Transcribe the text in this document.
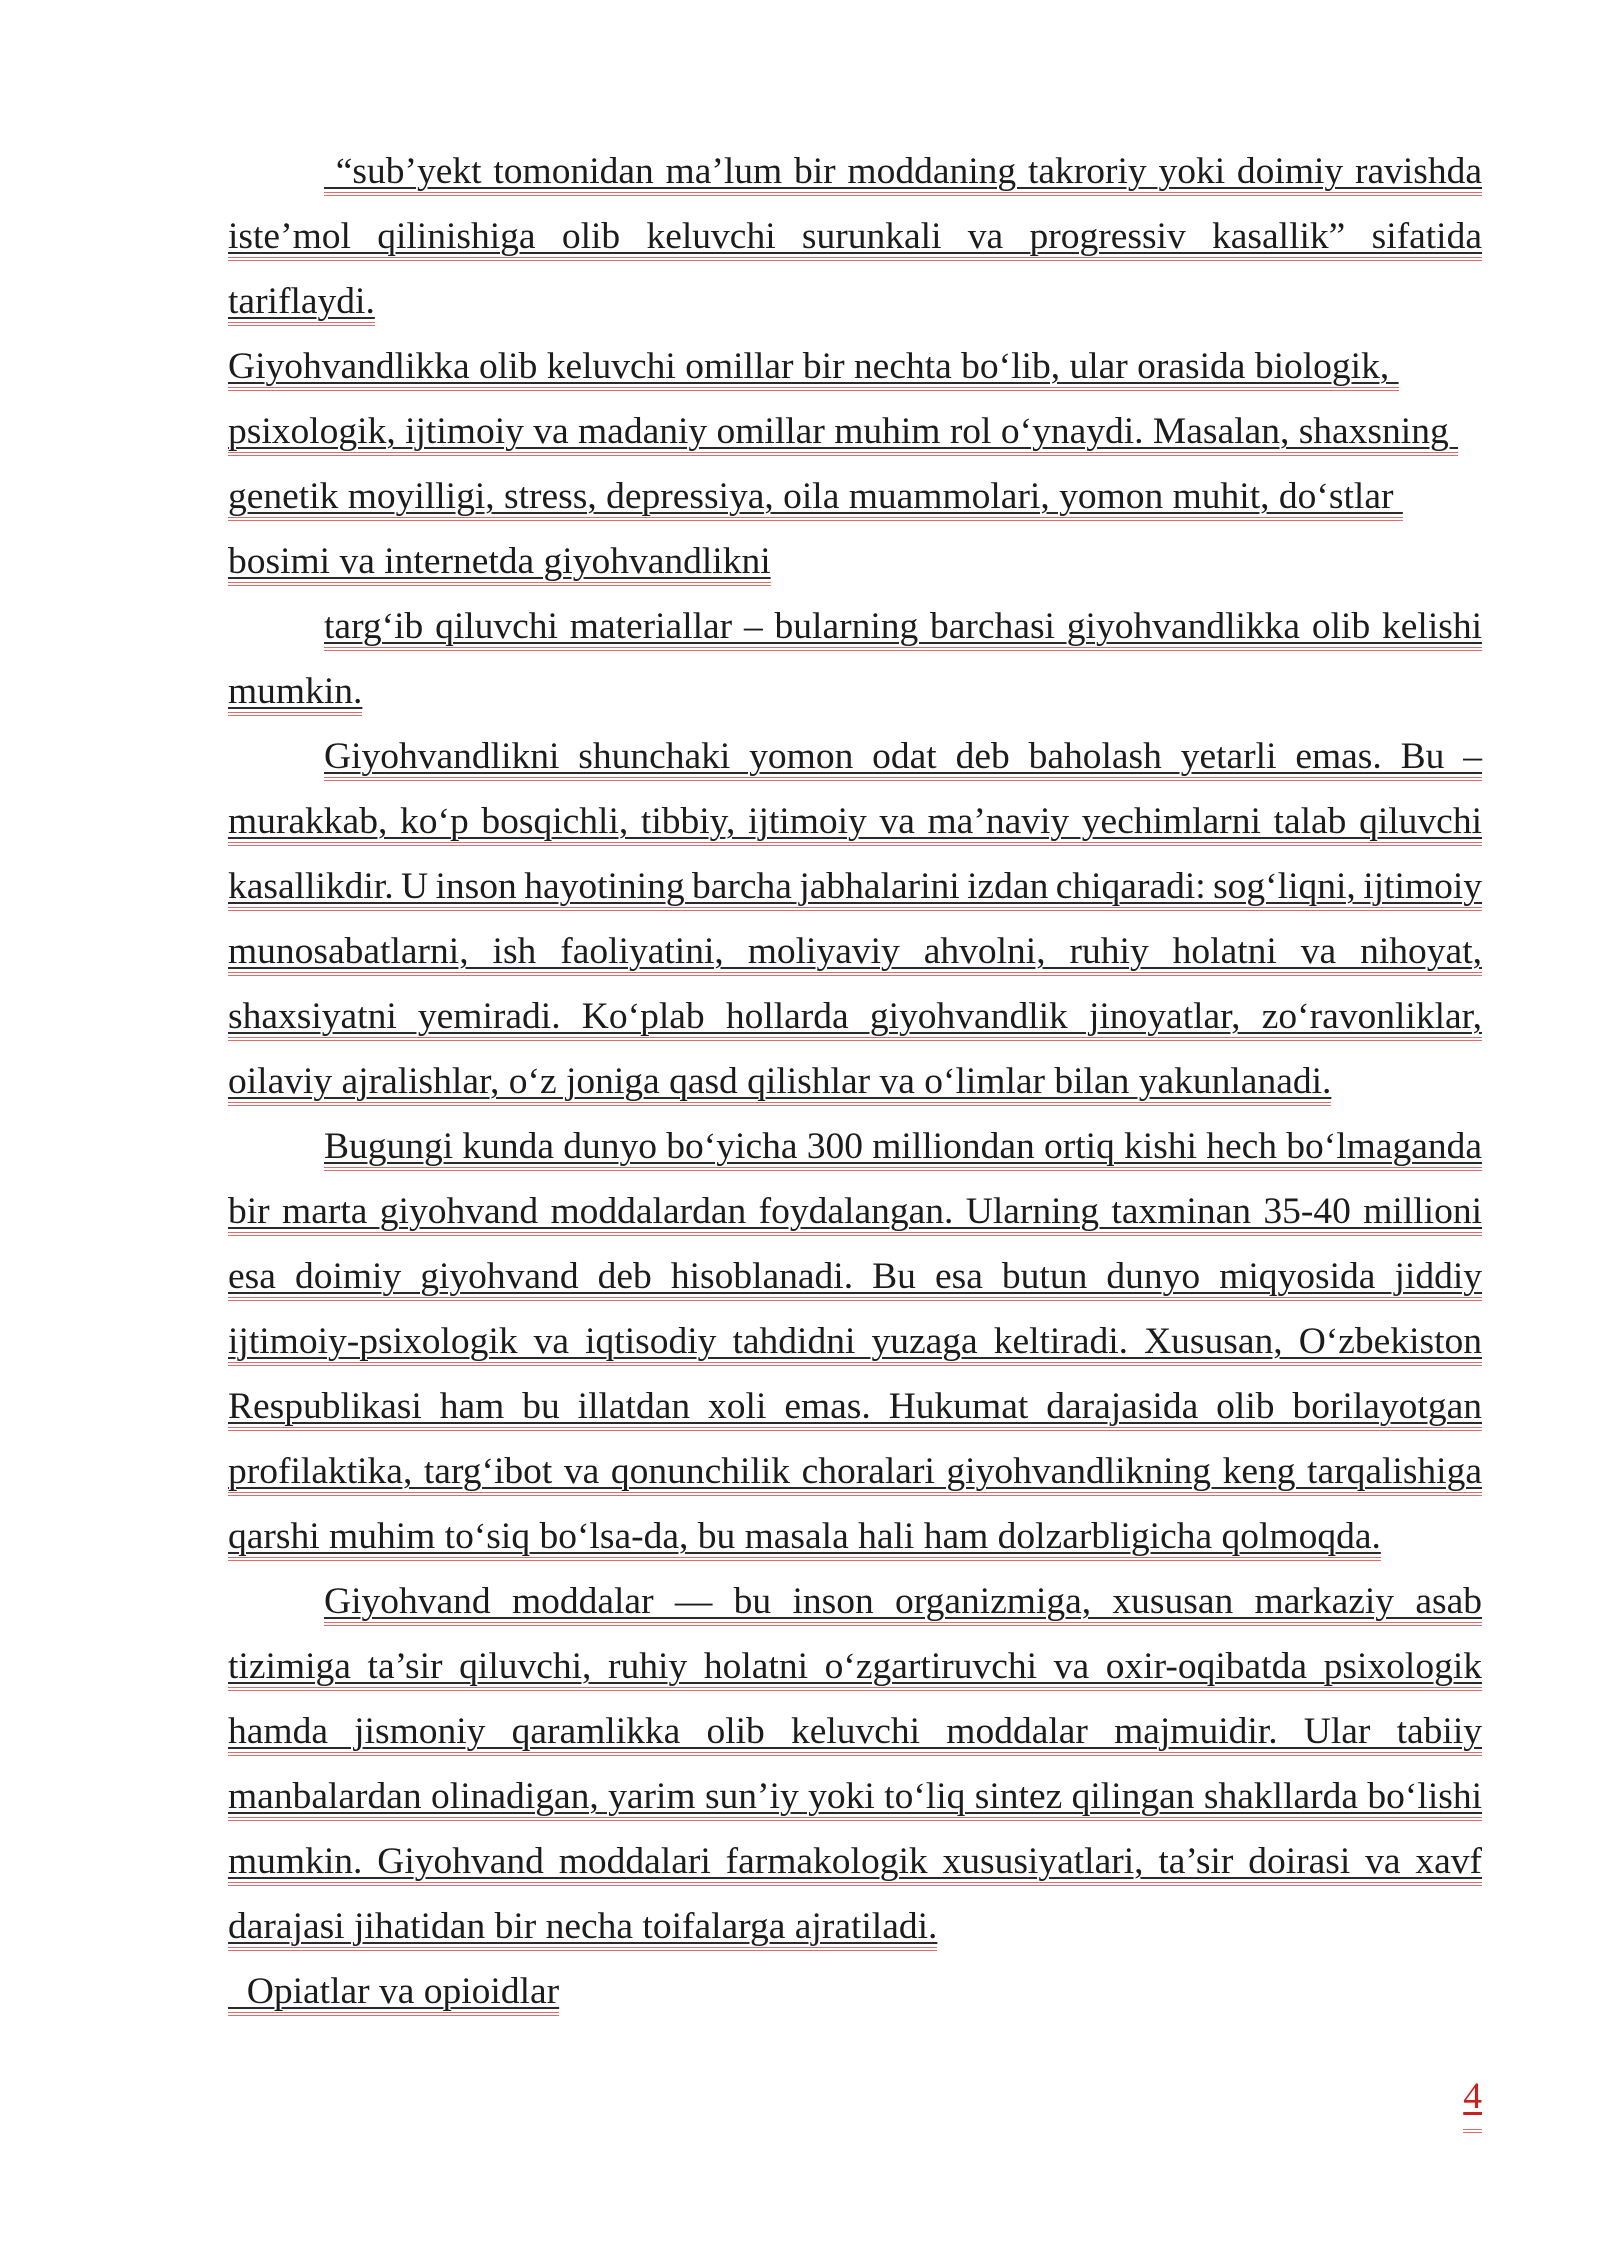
“sub’yekt tomonidan ma’lum bir moddaning takroriy yoki doimiy ravishda
iste’mol qilinishiga olib keluvchi surunkali va progressiv kasallik” sifatida
tariflaydi.
Giyohvandlikka olib keluvchi omillar bir nechta bo‘lib, ular orasida biologik,
psixologik, ijtimoiy va madaniy omillar muhim rol o‘ynaydi. Masalan, shaxsning
genetik moyilligi, stress, depressiya, oila muammolari, yomon muhit, do‘stlar
bosimi va internetda giyohvandlikni
targ‘ib qiluvchi materiallar – bularning barchasi giyohvandlikka olib kelishi
mumkin.
Giyohvandlikni shunchaki yomon odat deb baholash yetarli emas. Bu –
murakkab, ko‘p bosqichli, tibbiy, ijtimoiy va ma’naviy yechimlarni talab qiluvchi
kasallikdir. U inson hayotining barcha jabhalarini izdan chiqaradi: sog‘liqni, ijtimoiy
munosabatlarni, ish faoliyatini, moliyaviy ahvolni, ruhiy holatni va nihoyat,
shaxsiyatni yemiradi. Ko‘plab hollarda giyohvandlik jinoyatlar, zo‘ravonliklar,
oilaviy ajralishlar, o‘z joniga qasd qilishlar va o‘limlar bilan yakunlanadi.
Bugungi kunda dunyo bo‘yicha 300 milliondan ortiq kishi hech bo‘lmaganda
bir marta giyohvand moddalardan foydalangan. Ularning taxminan 35-40 millioni
esa doimiy giyohvand deb hisoblanadi. Bu esa butun dunyo miqyosida jiddiy
ijtimoiy-psixologik va iqtisodiy tahdidni yuzaga keltiradi. Xususan, O‘zbekiston
Respublikasi ham bu illatdan xoli emas. Hukumat darajasida olib borilayotgan
profilaktika, targ‘ibot va qonunchilik choralari giyohvandlikning keng tarqalishiga
qarshi muhim to‘siq bo‘lsa-da, bu masala hali ham dolzarbligicha qolmoqda.
Giyohvand moddalar — bu inson organizmiga, xususan markaziy asab
tizimiga ta’sir qiluvchi, ruhiy holatni o‘zgartiruvchi va oxir-oqibatda psixologik
hamda jismoniy qaramlikka olib keluvchi moddalar majmuidir. Ular tabiiy
manbalardan olinadigan, yarim sun’iy yoki to‘liq sintez qilingan shakllarda bo‘lishi
mumkin. Giyohvand moddalari farmakologik xususiyatlari, ta’sir doirasi va xavf
darajasi jihatidan bir necha toifalarga ajratiladi.
Opiatlar va opioidlar
4
